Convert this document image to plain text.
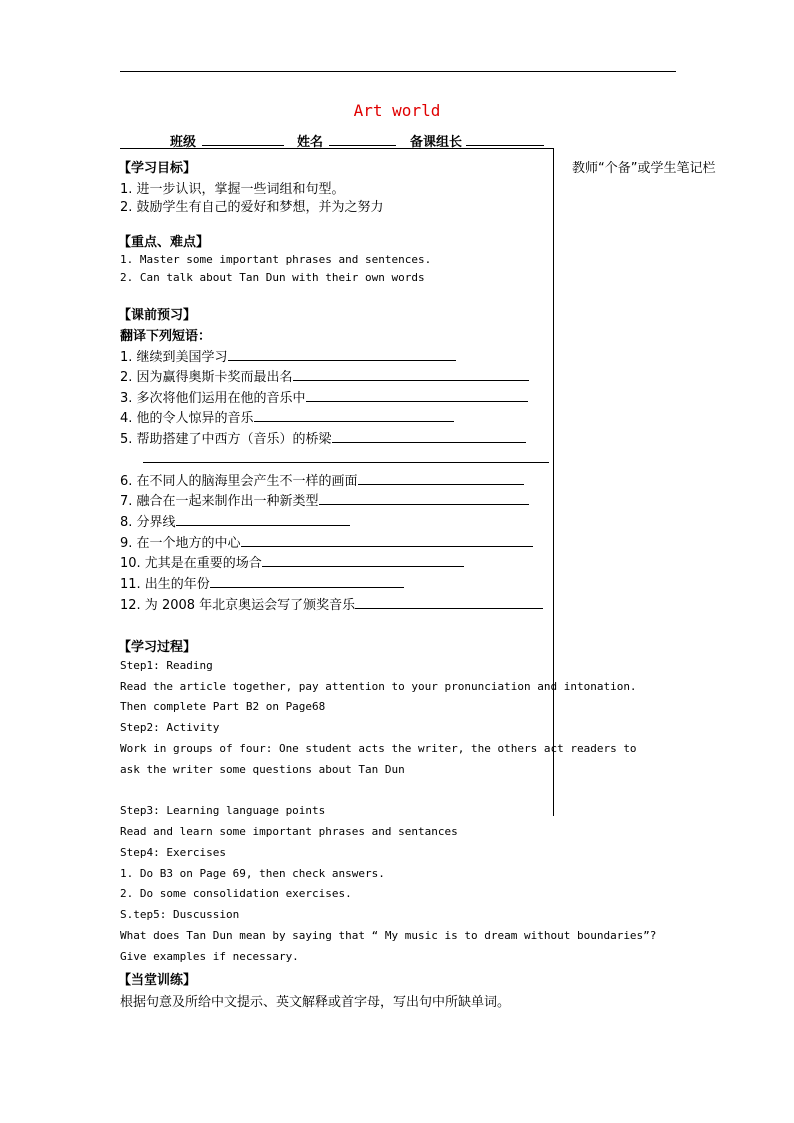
Art world
班级	姓名	备课组长
教师“个备”或学生笔记栏
【学习目标】
1. 进一步认识，掌握一些词组和句型。
2. 鼓励学生有自己的爱好和梦想，并为之努力
【重点、难点】
1. Master some important phrases and sentences.
2. Can talk about Tan Dun with their own words
【课前预习】
翻译下列短语：
1. 继续到美国学习
2. 因为赢得奥斯卡奖而最出名
3. 多次将他们运用在他的音乐中
4. 他的令人惊异的音乐
5. 帮助搭建了中西方（音乐）的桥梁
6. 在不同人的脑海里会产生不一样的画面
7. 融合在一起来制作出一种新类型
8. 分界线
9. 在一个地方的中心
10. 尤其是在重要的场合
11. 出生的年份
12. 为 2008 年北京奥运会写了颁奖音乐
【学习过程】
Step1: Reading
Read the article together, pay attention to your pronunciation and intonation.
Then complete Part B2 on Page68
Step2: Activity
Work in groups of four: One student acts the writer, the others act readers to
ask the writer some questions about Tan Dun
Step3: Learning language points
Read and learn some important phrases and sentances
Step4: Exercises
1. Do B3 on Page 69, then check answers.
2. Do some consolidation exercises.
S.tep5: Duscussion
What does Tan Dun mean by saying that “ My music is to dream without boundaries”?
Give examples if necessary.
【当堂训练】
根据句意及所给中文提示、英文解释或首字母，写出句中所缺单词。
